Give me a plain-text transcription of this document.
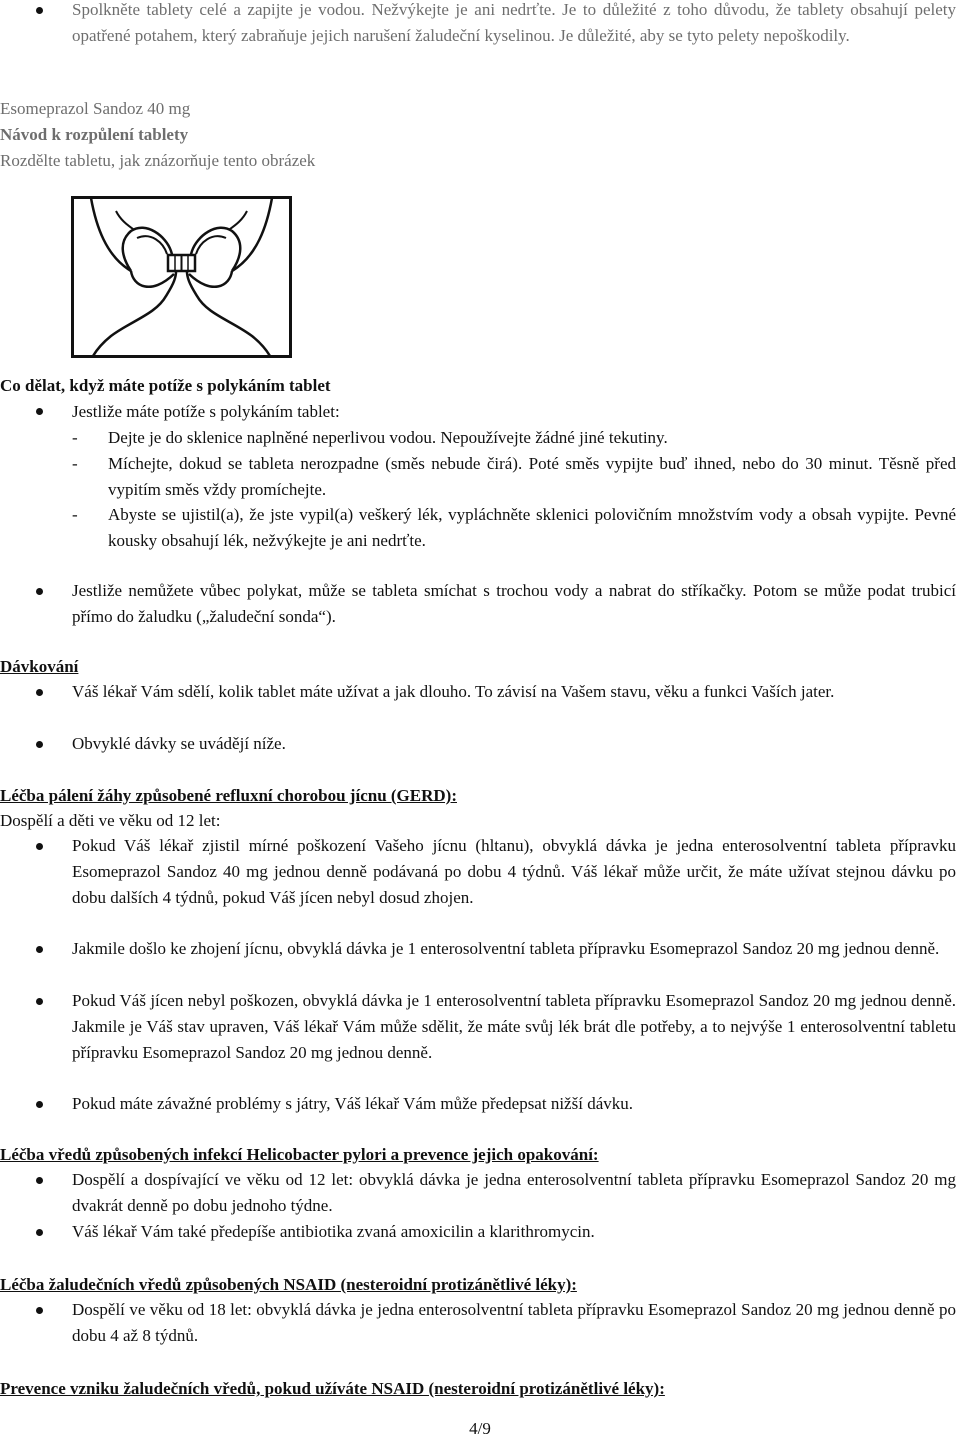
Spolkněte tablety celé a zapijte je vodou. Nežvýkejte je ani nedrťte. Je to důležité z toho důvodu, že tablety obsahují pelety opatřené potahem, který zabraňuje jejich narušení žaludeční kyselinou. Je důležité, aby se tyto pelety nepoškodily.
Esomeprazol Sandoz 40 mg
Návod k rozpůlení tablety
Rozdělte tabletu, jak znázorňuje tento obrázek
Co dělat, když máte potíže s polykáním tablet
Jestliže máte potíže s polykáním tablet:
- Dejte je do sklenice naplněné neperlivou vodou. Nepoužívejte žádné jiné tekutiny.
- Míchejte, dokud se tableta nerozpadne (směs nebude čirá). Poté směs vypijte buď ihned, nebo do 30 minut. Těsně před vypitím směs vždy promíchejte.
- Abyste se ujistil(a), že jste vypil(a) veškerý lék, vypláchněte sklenici polovičním množstvím vody a obsah vypijte. Pevné kousky obsahují lék, nežvýkejte je ani nedrťte.
Jestliže nemůžete vůbec polykat, může se tableta smíchat s trochou vody a nabrat do stříkačky. Potom se může podat trubicí přímo do žaludku („žaludeční sonda“).
Dávkování
Váš lékař Vám sdělí, kolik tablet máte užívat a jak dlouho. To závisí na Vašem stavu, věku a funkci Vaších jater.
Obvyklé dávky se uvádějí níže.
Léčba pálení žáhy způsobené refluxní chorobou jícnu (GERD):
Dospělí a děti ve věku od 12 let:
Pokud Váš lékař zjistil mírné poškození Vašeho jícnu (hltanu), obvyklá dávka je jedna enterosolventní tableta přípravku Esomeprazol Sandoz 40 mg jednou denně podávaná po dobu 4 týdnů. Váš lékař může určit, že máte užívat stejnou dávku po dobu dalších 4 týdnů, pokud Váš jícen nebyl dosud zhojen.
Jakmile došlo ke zhojení jícnu, obvyklá dávka je 1 enterosolventní tableta přípravku Esomeprazol Sandoz 20 mg jednou denně.
Pokud Váš jícen nebyl poškozen, obvyklá dávka je 1 enterosolventní tableta přípravku Esomeprazol Sandoz 20 mg jednou denně. Jakmile je Váš stav upraven, Váš lékař Vám může sdělit, že máte svůj lék brát dle potřeby, a to nejvýše 1 enterosolventní tabletu přípravku Esomeprazol Sandoz 20 mg jednou denně.
Pokud máte závažné problémy s játry, Váš lékař Vám může předepsat nižší dávku.
Léčba vředů způsobených infekcí Helicobacter pylori a prevence jejich opakování:
Dospělí a dospívající ve věku od 12 let: obvyklá dávka je jedna enterosolventní tableta přípravku Esomeprazol Sandoz 20 mg dvakrát denně po dobu jednoho týdne.
Váš lékař Vám také předepíše antibiotika zvaná amoxicilin a klarithromycin.
Léčba žaludečních vředů způsobených NSAID (nesteroidní protizánětlivé léky):
Dospělí ve věku od 18 let: obvyklá dávka je jedna enterosolventní tableta přípravku Esomeprazol Sandoz 20 mg jednou denně po dobu 4 až 8 týdnů.
Prevence vzniku žaludečních vředů, pokud užíváte NSAID (nesteroidní protizánětlivé léky):
4/9
